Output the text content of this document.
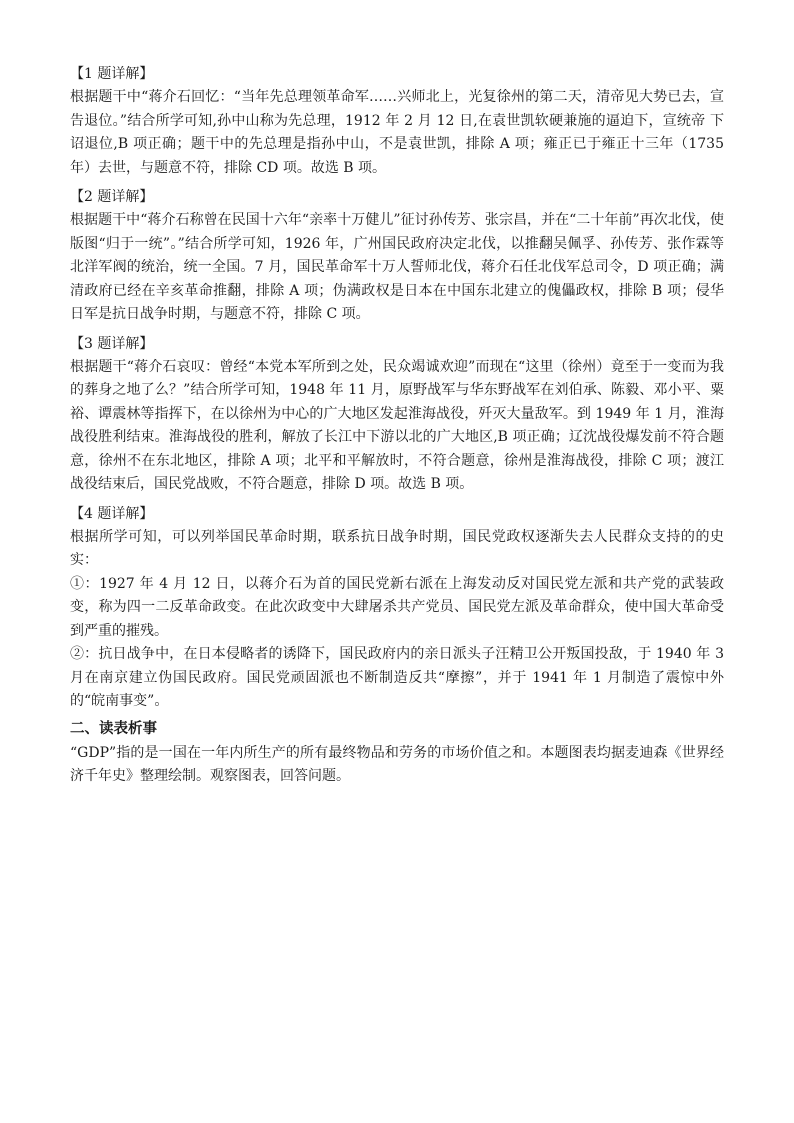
【1 题详解】

根据题干中“蒋介石回忆：“当年先总理领革命军……兴师北上，光复徐州的第二天，清帝见大势已去，宣告退位。”结合所学可知,孙中山称为先总理，1912 年 2 月 12 日,在袁世凯软硬兼施的逼迫下，宣统帝 下诏退位,B 项正确；题干中的先总理是指孙中山，不是袁世凯，排除 A 项；雍正已于雍正十三年（1735 年）去世，与题意不符，排除 CD 项。故选 B 项。

【2 题详解】

根据题干中“蒋介石称曾在民国十六年“亲率十万健儿”征讨孙传芳、张宗昌，并在“二十年前”再次北伐，使版图“归于一统”。”结合所学可知，1926 年，广州国民政府决定北伐，以推翻吴佩孚、孙传芳、张作霖等北洋军阀的统治，统一全国。7 月，国民革命军十万人誓师北伐，蒋介石任北伐军总司令，D 项正确；满清政府已经在辛亥革命推翻，排除 A 项；伪满政权是日本在中国东北建立的傀儡政权，排除 B 项；侵华日军是抗日战争时期，与题意不符，排除 C 项。

【3 题详解】

根据题干“蒋介石哀叹：曾经“本党本军所到之处，民众竭诚欢迎”而现在“这里（徐州）竟至于一变而为我的葬身之地了么？”结合所学可知，1948 年 11 月，原野战军与华东野战军在刘伯承、陈毅、邓小平、粟裕、谭震林等指挥下，在以徐州为中心的广大地区发起淮海战役，歼灭大量敌军。到 1949 年 1 月，淮海战役胜利结束。淮海战役的胜利，解放了长江中下游以北的广大地区,B 项正确；辽沈战役爆发前不符合题意，徐州不在东北地区，排除 A 项；北平和平解放时，不符合题意，徐州是淮海战役，排除 C 项；渡江战役结束后，国民党战败，不符合题意，排除 D 项。故选 B 项。

【4 题详解】

根据所学可知，可以列举国民革命时期，联系抗日战争时期，国民党政权逐渐失去人民群众支持的的史实：

①：1927 年 4 月 12 日，以蒋介石为首的国民党新右派在上海发动反对国民党左派和共产党的武装政变，称为四一二反革命政变。在此次政变中大肆屠杀共产党员、国民党左派及革命群众，使中国大革命受到严重的摧残。

②：抗日战争中，在日本侵略者的诱降下，国民政府内的亲日派头子汪精卫公开叛国投敌，于 1940 年 3 月在南京建立伪国民政府。国民党顽固派也不断制造反共“摩擦”，并于 1941 年 1 月制造了震惊中外的“皖南事变”。

二、读表析事

“GDP”指的是一国在一年内所生产的所有最终物品和劳务的市场价值之和。本题图表均据麦迪森《世界经济千年史》整理绘制。观察图表，回答问题。
